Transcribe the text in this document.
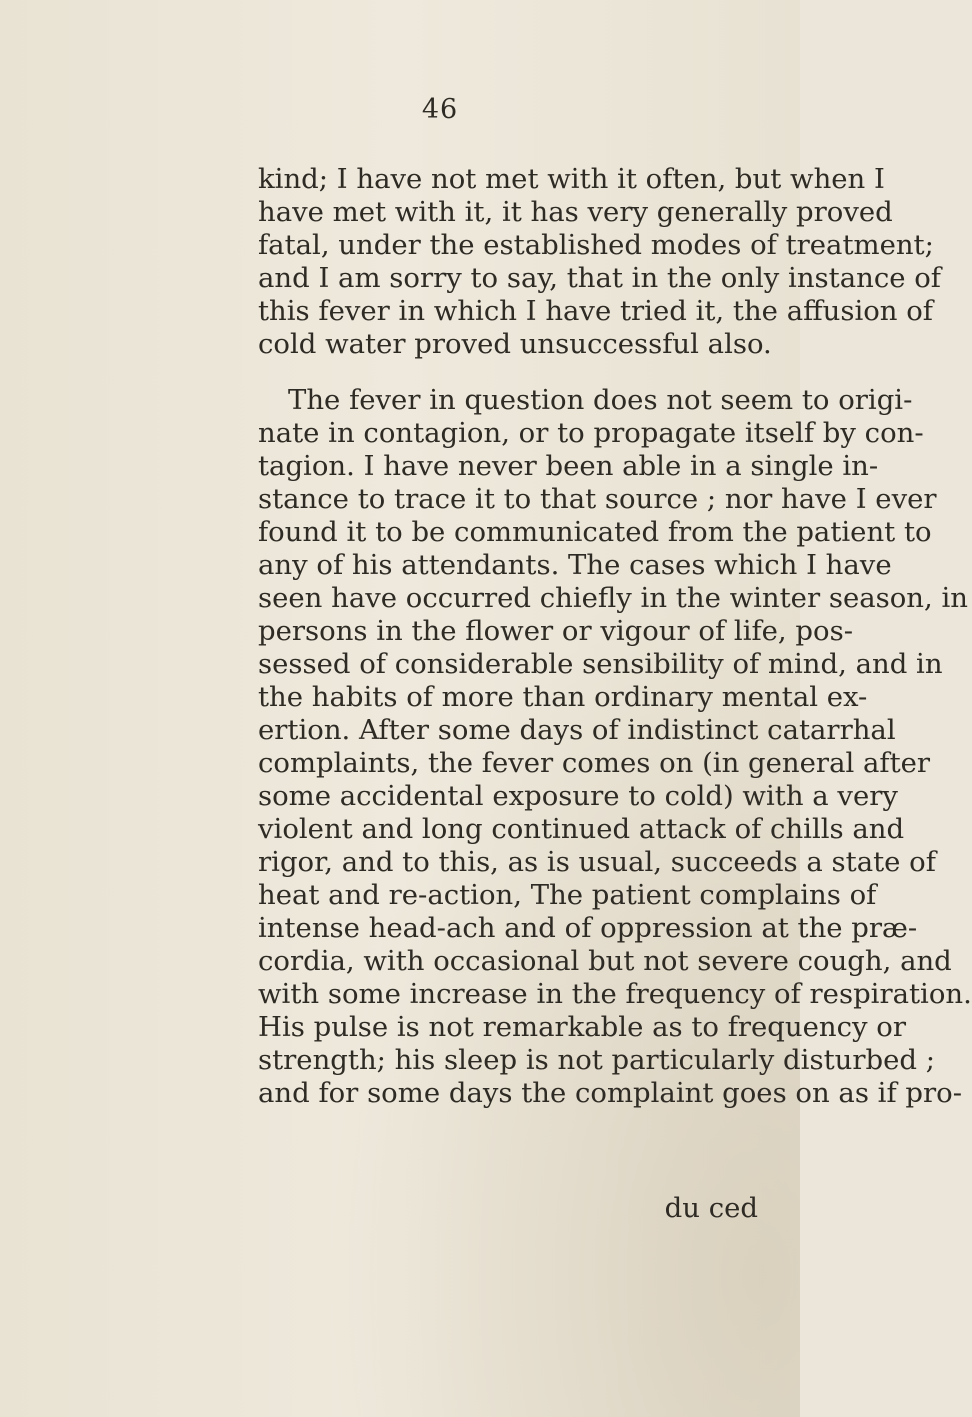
46
kind; I have not met with it often, but when I
have met with it, it has very generally proved
fatal, under the established modes of treatment;
and I am sorry to say, that in the only instance of
this fever in which I have tried it, the affusion of
cold water proved unsuccessful also.
The fever in question does not seem to origi-
nate in contagion, or to propagate itself by con-
tagion. I have never been able in a single in-
stance to trace it to that source ; nor have I ever
found it to be communicated from the patient to
any of his attendants. The cases which I have
seen have occurred chiefly in the winter season, in
persons in the flower or vigour of life, pos-
sessed of considerable sensibility of mind, and in
the habits of more than ordinary mental ex-
ertion. After some days of indistinct catarrhal
complaints, the fever comes on (in general after
some accidental exposure to cold) with a very
violent and long continued attack of chills and
rigor, and to this, as is usual, succeeds a state of
heat and re-action, The patient complains of
intense head-ach and of oppression at the præ-
cordia, with occasional but not severe cough, and
with some increase in the frequency of respiration.
His pulse is not remarkable as to frequency or
strength; his sleep is not particularly disturbed ;
and for some days the complaint goes on as if pro-
du ced
